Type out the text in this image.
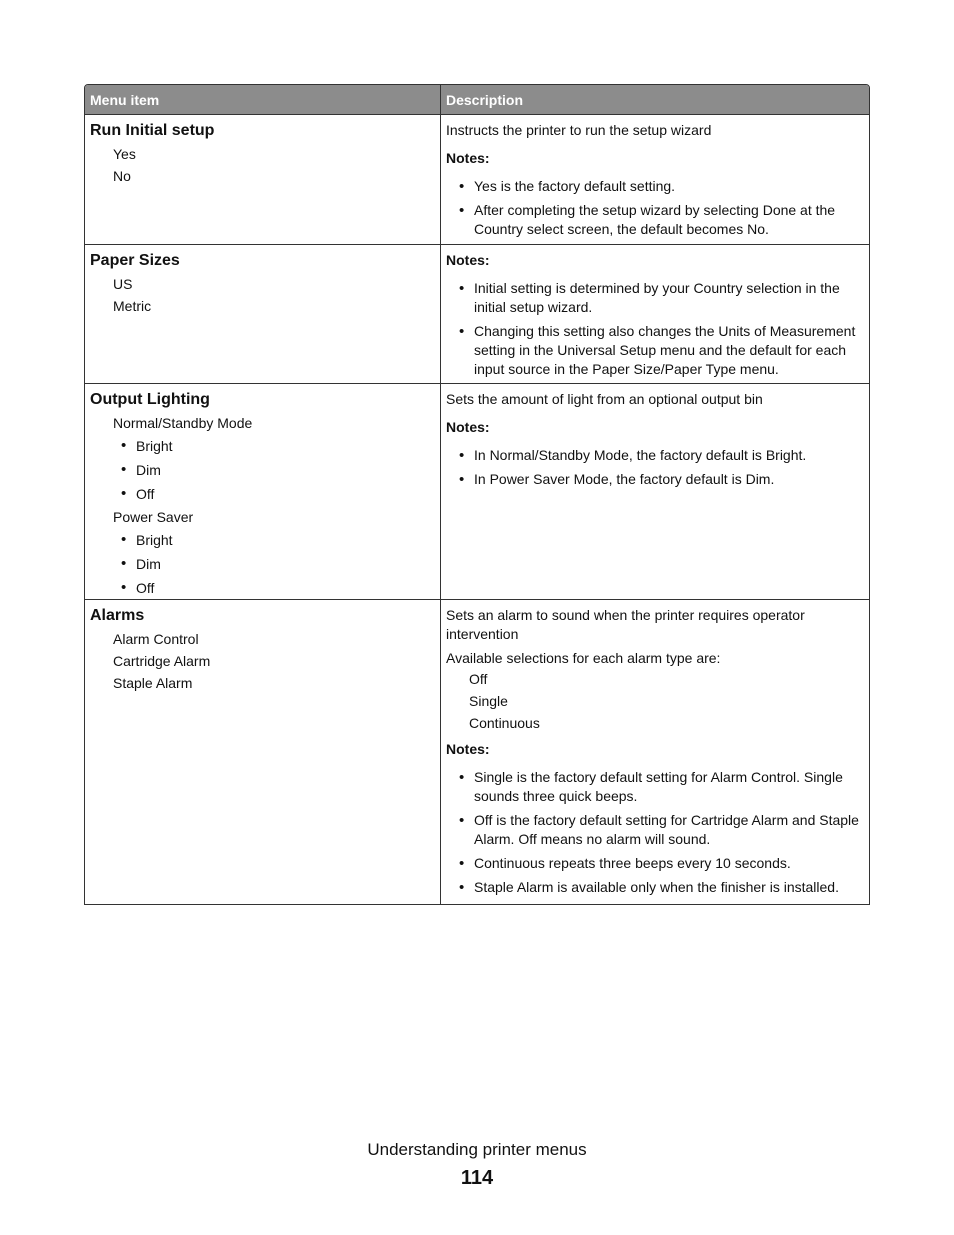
Menu item	Description
Run Initial setup
Yes
No
Instructs the printer to run the setup wizard
Notes:
• Yes is the factory default setting.
• After completing the setup wizard by selecting Done at the Country select screen, the default becomes No.
Paper Sizes
US
Metric
Notes:
• Initial setting is determined by your Country selection in the initial setup wizard.
• Changing this setting also changes the Units of Measurement setting in the Universal Setup menu and the default for each input source in the Paper Size/Paper Type menu.
Output Lighting
Normal/Standby Mode
• Bright
• Dim
• Off
Power Saver
• Bright
• Dim
• Off
Sets the amount of light from an optional output bin
Notes:
• In Normal/Standby Mode, the factory default is Bright.
• In Power Saver Mode, the factory default is Dim.
Alarms
Alarm Control
Cartridge Alarm
Staple Alarm
Sets an alarm to sound when the printer requires operator intervention
Available selections for each alarm type are:
Off
Single
Continuous
Notes:
• Single is the factory default setting for Alarm Control. Single sounds three quick beeps.
• Off is the factory default setting for Cartridge Alarm and Staple Alarm. Off means no alarm will sound.
• Continuous repeats three beeps every 10 seconds.
• Staple Alarm is available only when the finisher is installed.
Understanding printer menus
114
